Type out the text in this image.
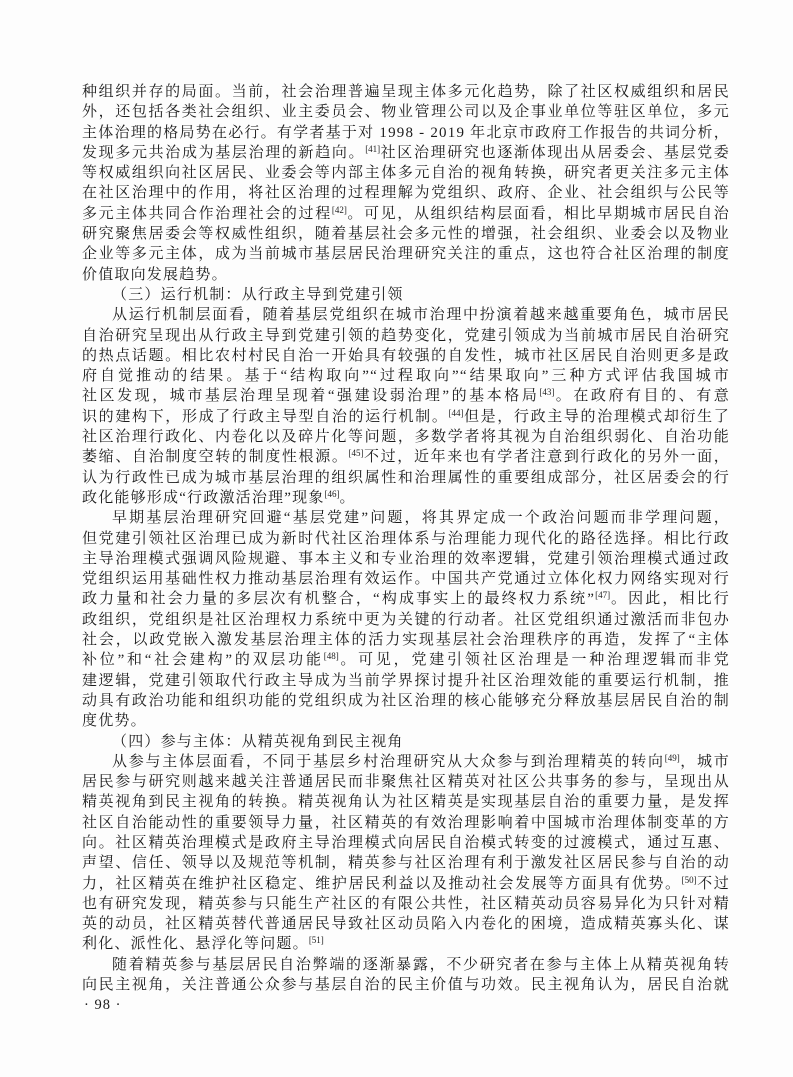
种组织并存的局面。当前，社会治理普遍呈现主体多元化趋势，除了社区权威组织和居民
外，还包括各类社会组织、业主委员会、物业管理公司以及企事业单位等驻区单位，多元
主体治理的格局势在必行。有学者基于对 1998 - 2019 年北京市政府工作报告的共词分析，
发现多元共治成为基层治理的新趋向。[41]社区治理研究也逐渐体现出从居委会、基层党委
等权威组织向社区居民、业委会等内部主体多元自治的视角转换，研究者更关注多元主体
在社区治理中的作用，将社区治理的过程理解为党组织、政府、企业、社会组织与公民等
多元主体共同合作治理社会的过程[42]。可见，从组织结构层面看，相比早期城市居民自治
研究聚焦居委会等权威性组织，随着基层社会多元性的增强，社会组织、业委会以及物业
企业等多元主体，成为当前城市基层居民治理研究关注的重点，这也符合社区治理的制度
价值取向发展趋势。
（三）运行机制：从行政主导到党建引领
从运行机制层面看，随着基层党组织在城市治理中扮演着越来越重要角色，城市居民
自治研究呈现出从行政主导到党建引领的趋势变化，党建引领成为当前城市居民自治研究
的热点话题。相比农村村民自治一开始具有较强的自发性，城市社区居民自治则更多是政
府自觉推动的结果。基于“结构取向”“过程取向”“结果取向”三种方式评估我国城市
社区发现，城市基层治理呈现着“强建设弱治理”的基本格局[43]。在政府有目的、有意
识的建构下，形成了行政主导型自治的运行机制。[44]但是，行政主导的治理模式却衍生了
社区治理行政化、内卷化以及碎片化等问题，多数学者将其视为自治组织弱化、自治功能
萎缩、自治制度空转的制度性根源。[45]不过，近年来也有学者注意到行政化的另外一面，
认为行政性已成为城市基层治理的组织属性和治理属性的重要组成部分，社区居委会的行
政化能够形成“行政激活治理”现象[46]。
早期基层治理研究回避“基层党建”问题，将其界定成一个政治问题而非学理问题，
但党建引领社区治理已成为新时代社区治理体系与治理能力现代化的路径选择。相比行政
主导治理模式强调风险规避、事本主义和专业治理的效率逻辑，党建引领治理模式通过政
党组织运用基础性权力推动基层治理有效运作。中国共产党通过立体化权力网络实现对行
政力量和社会力量的多层次有机整合，“构成事实上的最终权力系统”[47]。因此，相比行
政组织，党组织是社区治理权力系统中更为关键的行动者。社区党组织通过激活而非包办
社会，以政党嵌入激发基层治理主体的活力实现基层社会治理秩序的再造，发挥了“主体
补位”和“社会建构”的双层功能[48]。可见，党建引领社区治理是一种治理逻辑而非党
建逻辑，党建引领取代行政主导成为当前学界探讨提升社区治理效能的重要运行机制，推
动具有政治功能和组织功能的党组织成为社区治理的核心能够充分释放基层居民自治的制
度优势。
（四）参与主体：从精英视角到民主视角
从参与主体层面看，不同于基层乡村治理研究从大众参与到治理精英的转向[49]，城市
居民参与研究则越来越关注普通居民而非聚焦社区精英对社区公共事务的参与，呈现出从
精英视角到民主视角的转换。精英视角认为社区精英是实现基层自治的重要力量，是发挥
社区自治能动性的重要领导力量，社区精英的有效治理影响着中国城市治理体制变革的方
向。社区精英治理模式是政府主导治理模式向居民自治模式转变的过渡模式，通过互惠、
声望、信任、领导以及规范等机制，精英参与社区治理有利于激发社区居民参与自治的动
力，社区精英在维护社区稳定、维护居民利益以及推动社会发展等方面具有优势。[50]不过
也有研究发现，精英参与只能生产社区的有限公共性，社区精英动员容易异化为只针对精
英的动员，社区精英替代普通居民导致社区动员陷入内卷化的困境，造成精英寡头化、谋
利化、派性化、悬浮化等问题。[51]
随着精英参与基层居民自治弊端的逐渐暴露，不少研究者在参与主体上从精英视角转
向民主视角，关注普通公众参与基层自治的民主价值与功效。民主视角认为，居民自治就
· 98 ·
